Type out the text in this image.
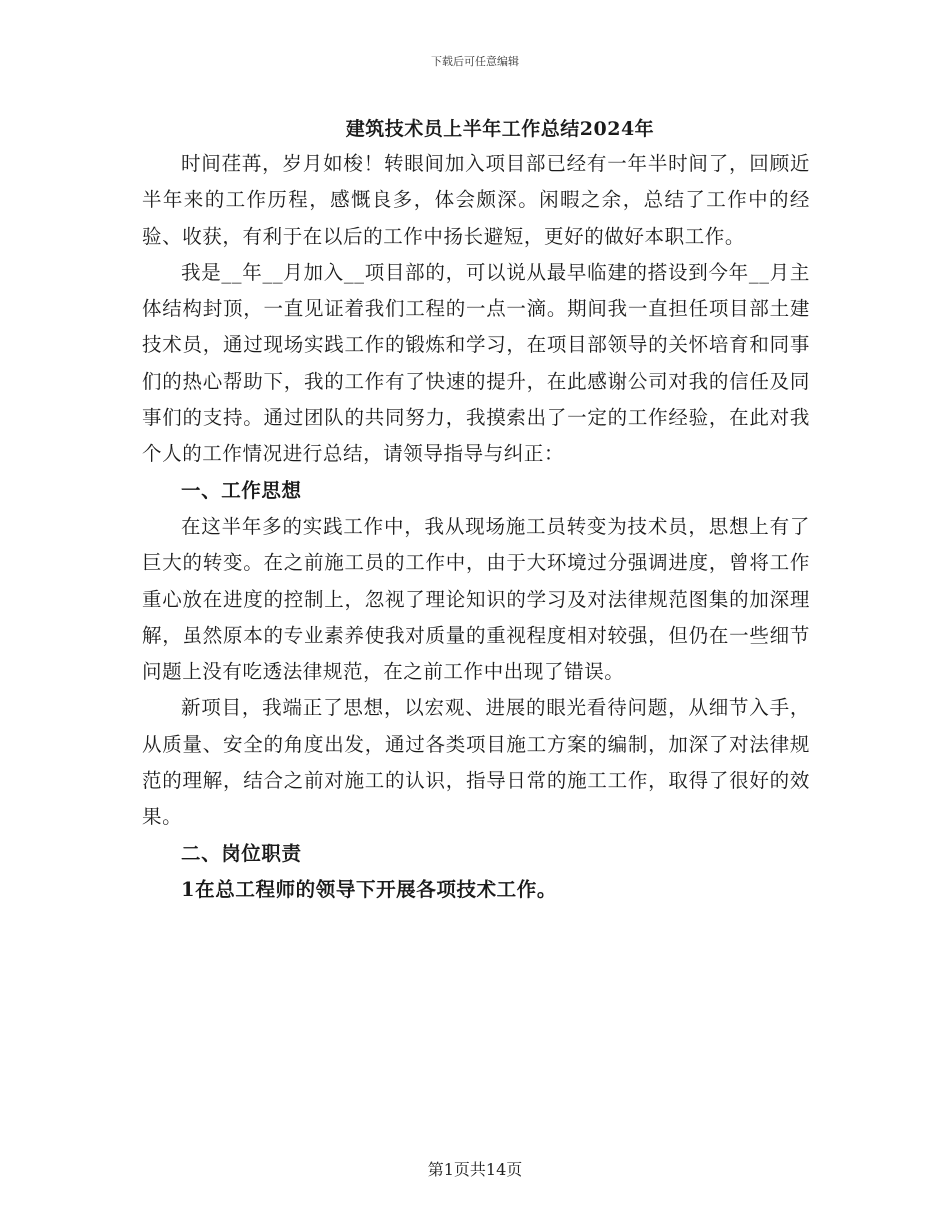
下载后可任意编辑
建筑技术员上半年工作总结2024年

时间荏苒，岁月如梭！转眼间加入项目部已经有一年半时间了，回顾近半年来的工作历程，感慨良多，体会颇深。闲暇之余，总结了工作中的经验、收获，有利于在以后的工作中扬长避短，更好的做好本职工作。

我是__年__月加入__项目部的，可以说从最早临建的搭设到今年__月主体结构封顶，一直见证着我们工程的一点一滴。期间我一直担任项目部土建技术员，通过现场实践工作的锻炼和学习，在项目部领导的关怀培育和同事们的热心帮助下，我的工作有了快速的提升，在此感谢公司对我的信任及同事们的支持。通过团队的共同努力，我摸索出了一定的工作经验，在此对我个人的工作情况进行总结，请领导指导与纠正：

一、工作思想

在这半年多的实践工作中，我从现场施工员转变为技术员，思想上有了巨大的转变。在之前施工员的工作中，由于大环境过分强调进度，曾将工作重心放在进度的控制上，忽视了理论知识的学习及对法律规范图集的加深理解，虽然原本的专业素养使我对质量的重视程度相对较强，但仍在一些细节问题上没有吃透法律规范，在之前工作中出现了错误。

新项目，我端正了思想，以宏观、进展的眼光看待问题，从细节入手，从质量、安全的角度出发，通过各类项目施工方案的编制，加深了对法律规范的理解，结合之前对施工的认识，指导日常的施工工作，取得了很好的效果。

二、岗位职责
1在总工程师的领导下开展各项技术工作。
第1页共14页
